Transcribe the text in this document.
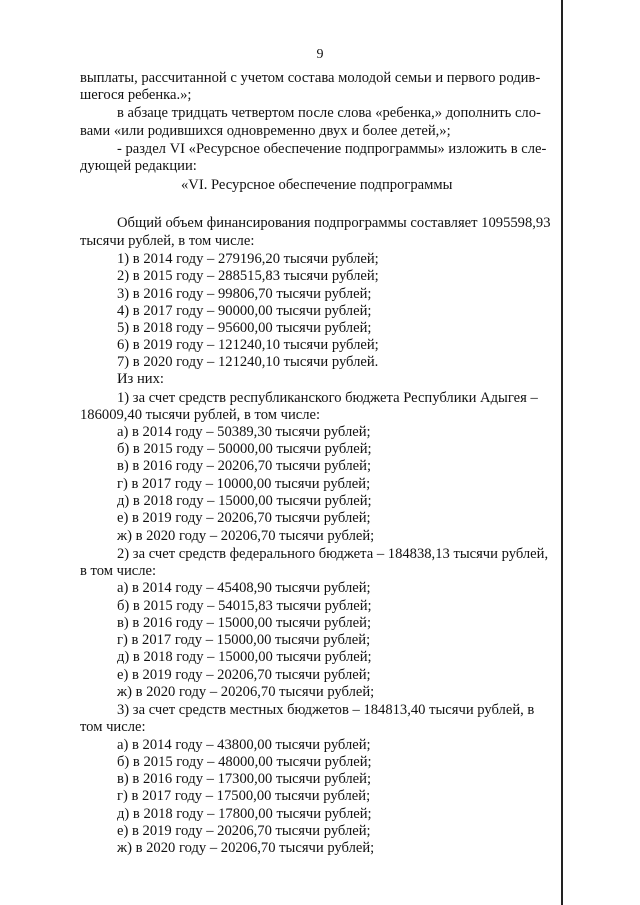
9
выплаты, рассчитанной с учетом состава молодой семьи и первого родив-
шегося ребенка.»;
в абзаце тридцать четвертом после слова «ребенка,» дополнить сло-
вами «или родившихся одновременно двух и более детей,»;
- раздел VI «Ресурсное обеспечение подпрограммы» изложить в сле-
дующей редакции:
«VI. Ресурсное обеспечение подпрограммы
Общий объем финансирования подпрограммы составляет 1095598,93
тысячи рублей, в том числе:
1) в 2014 году – 279196,20 тысячи рублей;
2) в 2015 году – 288515,83 тысячи рублей;
3) в 2016 году – 99806,70 тысячи рублей;
4) в 2017 году – 90000,00 тысячи рублей;
5) в 2018 году – 95600,00 тысячи рублей;
6) в 2019 году – 121240,10 тысячи рублей;
7) в 2020 году – 121240,10 тысячи рублей.
Из них:
1) за счет средств республиканского бюджета Республики Адыгея –
186009,40 тысячи рублей, в том числе:
а) в 2014 году – 50389,30 тысячи рублей;
б) в 2015 году – 50000,00 тысячи рублей;
в) в 2016 году – 20206,70 тысячи рублей;
г) в 2017 году – 10000,00 тысячи рублей;
д) в 2018 году – 15000,00 тысячи рублей;
е) в 2019 году – 20206,70 тысячи рублей;
ж) в 2020 году – 20206,70 тысячи рублей;
2) за счет средств федерального бюджета – 184838,13 тысячи рублей,
в том числе:
а) в 2014 году – 45408,90 тысячи рублей;
б) в 2015 году – 54015,83 тысячи рублей;
в) в 2016 году – 15000,00 тысячи рублей;
г) в 2017 году – 15000,00 тысячи рублей;
д) в 2018 году – 15000,00 тысячи рублей;
е) в 2019 году – 20206,70 тысячи рублей;
ж) в 2020 году – 20206,70 тысячи рублей;
3) за счет средств местных бюджетов – 184813,40 тысячи рублей, в
том числе:
а) в 2014 году – 43800,00 тысячи рублей;
б) в 2015 году – 48000,00 тысячи рублей;
в) в 2016 году – 17300,00 тысячи рублей;
г) в 2017 году – 17500,00 тысячи рублей;
д) в 2018 году – 17800,00 тысячи рублей;
е) в 2019 году – 20206,70 тысячи рублей;
ж) в 2020 году – 20206,70 тысячи рублей;
